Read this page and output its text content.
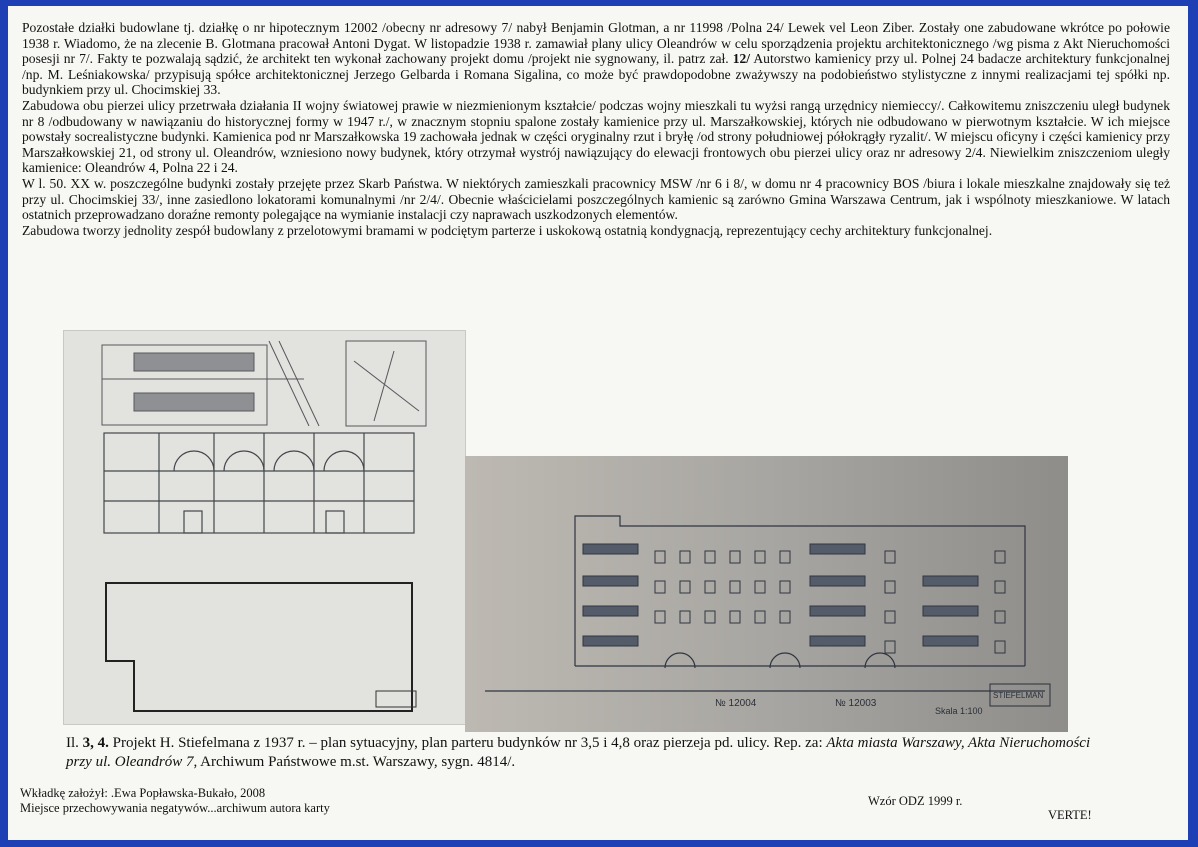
Pozostałe działki budowlane tj. działkę o nr hipotecznym 12002 /obecny nr adresowy 7/ nabył Benjamin Glotman, a nr 11998 /Polna 24/ Lewek vel Leon Ziber. Zostały one zabudowane wkrótce po połowie 1938 r. Wiadomo, że na zlecenie B. Glotmana pracował Antoni Dygat. W listopadzie 1938 r. zamawiał plany ulicy Oleandrów w celu sporządzenia projektu architektonicznego /wg pisma z Akt Nieruchomości posesji nr 7/. Fakty te pozwalają sądzić, że architekt ten wykonał zachowany projekt domu /projekt nie sygnowany, il. patrz zał. 12/ Autorstwo kamienicy przy ul. Polnej 24 badacze architektury funkcjonalnej /np. M. Leśniakowska/ przypisują spółce architektonicznej Jerzego Gelbarda i Romana Sigalina, co może być prawdopodobne zważywszy na podobieństwo stylistyczne z innymi realizacjami tej spółki np. budynkiem przy ul. Chocimskiej 33.

Zabudowa obu pierzei ulicy przetrwała działania II wojny światowej prawie w niezmienionym kształcie/ podczas wojny mieszkali tu wyżsi rangą urzędnicy niemieccy/. Całkowitemu zniszczeniu uległ budynek nr 8 /odbudowany w nawiązaniu do historycznej formy w 1947 r./, w znacznym stopniu spalone zostały kamienice przy ul. Marszałkowskiej, których nie odbudowano w pierwotnym kształcie. W ich miejsce powstały socrealistyczne budynki. Kamienica pod nr Marszałkowska 19 zachowała jednak w części oryginalny rzut i bryłę /od strony południowej półokrągły ryzalit/. W miejscu oficyny i części kamienicy przy Marszałkowskiej 21, od strony ul. Oleandrów, wzniesiono nowy budynek, który otrzymał wystrój nawiązujący do elewacji frontowych obu pierzei ulicy oraz nr adresowy 2/4. Niewielkim zniszczeniom uległy kamienice: Oleandrów 4, Polna 22 i 24.

W l. 50. XX w. poszczególne budynki zostały przejęte przez Skarb Państwa. W niektórych zamieszkali pracownicy MSW /nr 6 i 8/, w domu nr 4 pracownicy BOS /biura i lokale mieszkalne znajdowały się też przy ul. Chocimskiej 33/, inne zasiedlono lokatorami komunalnymi /nr 2/4/. Obecnie właścicielami poszczególnych kamienic są zarówno Gmina Warszawa Centrum, jak i wspólnoty mieszkaniowe. W latach ostatnich przeprowadzano doraźne remonty polegające na wymianie instalacji czy naprawach uszkodzonych elementów.

Zabudowa tworzy jednolity zespół budowlany z przelotowymi bramami w podciętym parterze i uskokową ostatnią kondygnacją, reprezentujący cechy architektury funkcjonalnej.

№ 12004	№ 12003
Skala 1:100
STIEFELMAN
Il. 3, 4. Projekt H. Stiefelmana z 1937 r. – plan sytuacyjny, plan parteru budynków nr 3,5 i 4,8 oraz pierzeja pd. ulicy. Rep. za: Akta miasta Warszawy, Akta Nieruchomości przy ul. Oleandrów 7, Archiwum Państwowe m.st. Warszawy, sygn. 4814/.
Wkładkę założył: .Ewa Popławska-Bukało, 2008
Miejsce przechowywania negatywów...archiwum autora karty	Wzór ODZ 1999 r.
VERTE!
